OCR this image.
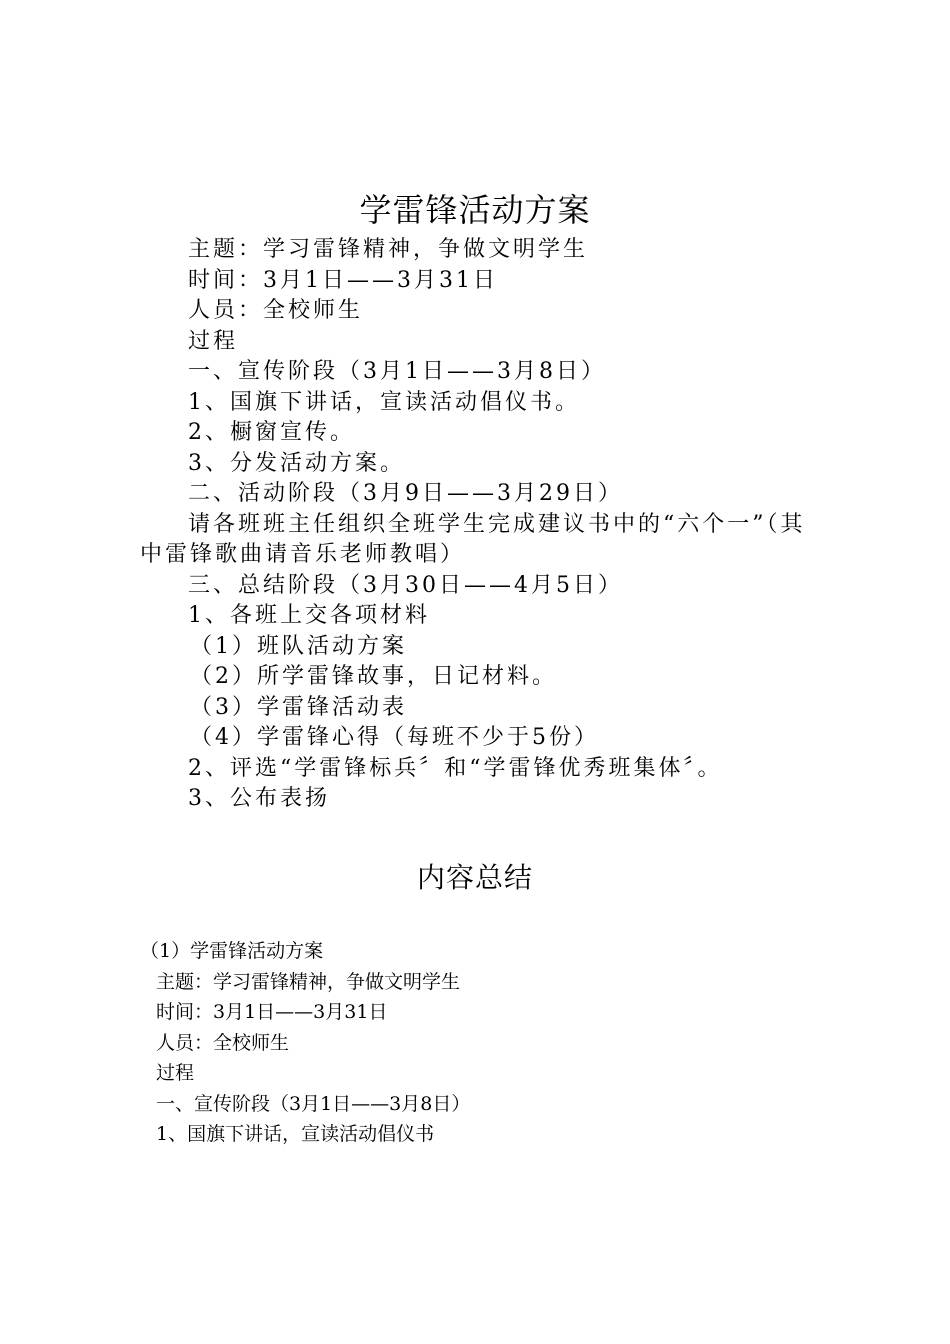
学雷锋活动方案
主题：学习雷锋精神，争做文明学生
时间：3月1日——3月31日
人员：全校师生
过程
一、宣传阶段（3月1日——3月8日）
1、国旗下讲话，宣读活动倡仪书。
2、橱窗宣传。
3、分发活动方案。
二、活动阶段（3月9日——3月29日）
请各班班主任组织全班学生完成建议书中的“六个一”（其中雷锋歌曲请音乐老师教唱）
三、总结阶段（3月30日——4月5日）
1、各班上交各项材料
（1）班队活动方案
（2）所学雷锋故事，日记材料。
（3）学雷锋活动表
（4）学雷锋心得（每班不少于5份）
2、评选“学雷锋标兵〞和“学雷锋优秀班集体〞。
3、公布表扬
内容总结
（1）学雷锋活动方案
主题：学习雷锋精神，争做文明学生
时间：3月1日——3月31日
人员：全校师生
过程
一、宣传阶段（3月1日——3月8日）
1、国旗下讲话，宣读活动倡仪书
